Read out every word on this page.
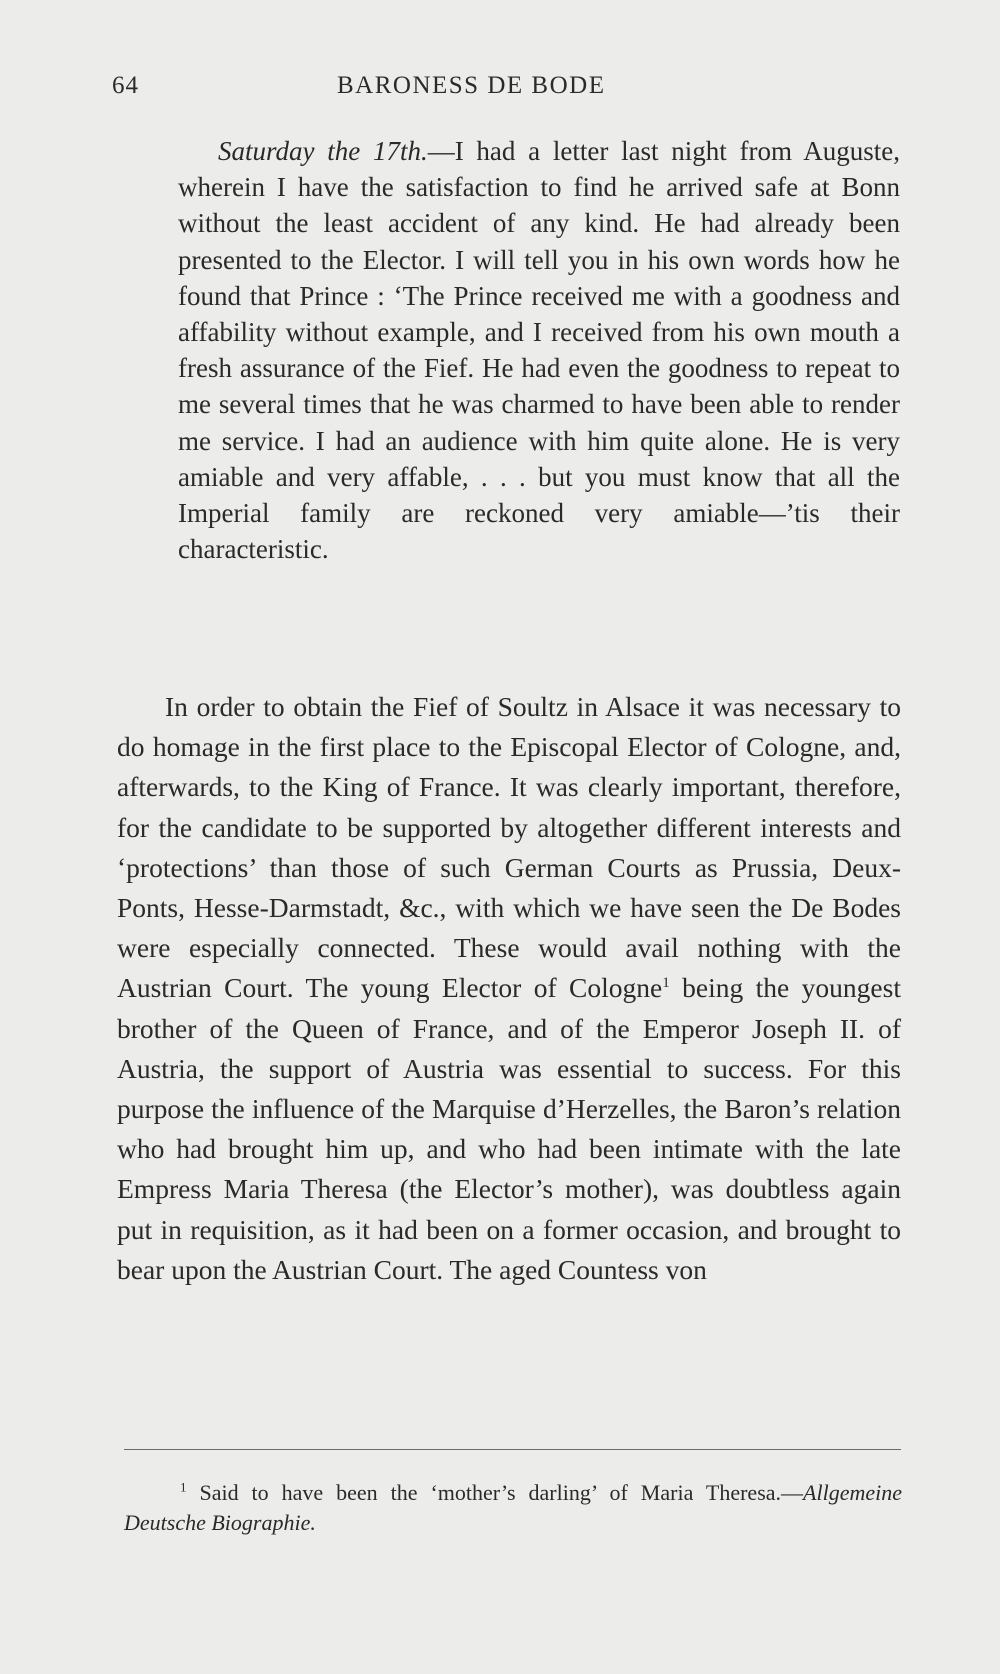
64	BARONESS DE BODE

Saturday the 17th.—I had a letter last night from Auguste, wherein I have the satisfaction to find he arrived safe at Bonn without the least accident of any kind. He had already been presented to the Elector. I will tell you in his own words how he found that Prince : ‘The Prince received me with a goodness and affability without example, and I received from his own mouth a fresh assurance of the Fief. He had even the goodness to repeat to me several times that he was charmed to have been able to render me service. I had an audience with him quite alone. He is very amiable and very affable, . . . but you must know that all the Imperial family are reckoned very amiable—’tis their characteristic.

In order to obtain the Fief of Soultz in Alsace it was necessary to do homage in the first place to the Episcopal Elector of Cologne, and, afterwards, to the King of France. It was clearly important, therefore, for the candidate to be supported by altogether different interests and ‘protections’ than those of such German Courts as Prussia, Deux-Ponts, Hesse-Darmstadt, &c., with which we have seen the De Bodes were especially connected. These would avail nothing with the Austrian Court. The young Elector of Cologne$^1$ being the youngest brother of the Queen of France, and of the Emperor Joseph II. of Austria, the support of Austria was essential to success. For this purpose the influence of the Marquise d’Herzelles, the Baron’s relation who had brought him up, and who had been intimate with the late Empress Maria Theresa (the Elector’s mother), was doubtless again put in requisition, as it had been on a former occasion, and brought to bear upon the Austrian Court. The aged Countess von

$^1$ Said to have been the ‘mother’s darling’ of Maria Theresa.—Allgemeine Deutsche Biographie.
